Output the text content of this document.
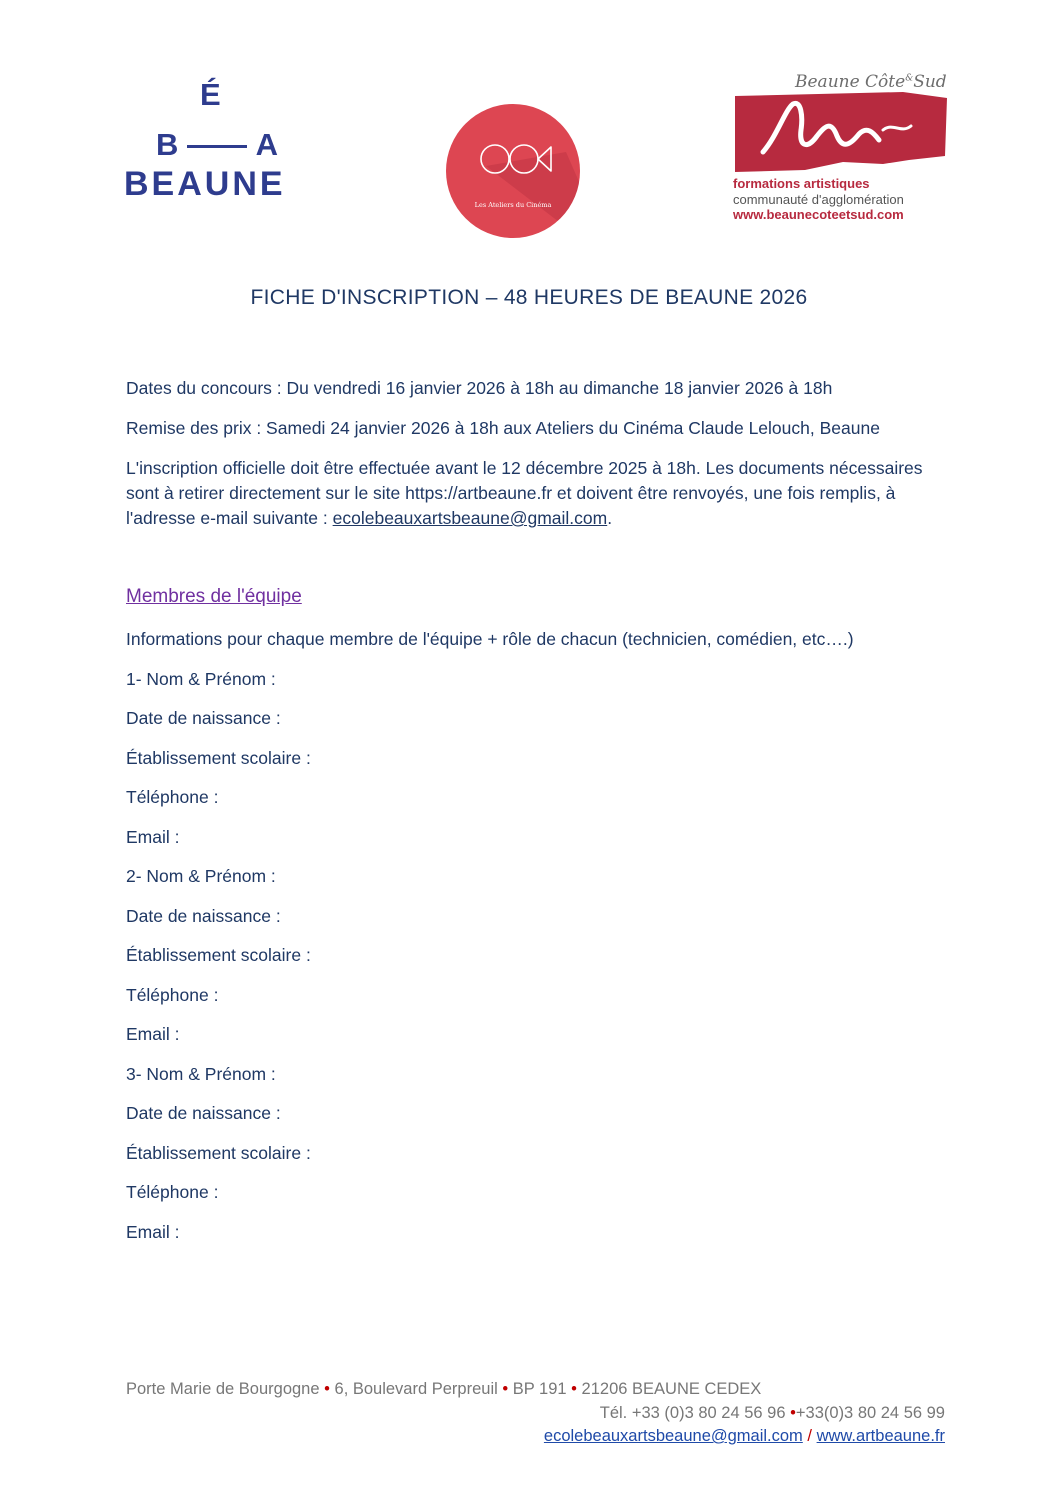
É
B A
BEAUNE
Les Ateliers du Cinéma
Beaune Côte&Sud
formations artistiques
communauté d'agglomération
www.beaunecoteetsud.com
FICHE D'INSCRIPTION – 48 HEURES DE BEAUNE 2026
Dates du concours : Du vendredi 16 janvier 2026 à 18h au dimanche 18 janvier 2026 à 18h
Remise des prix : Samedi 24 janvier 2026 à 18h aux Ateliers du Cinéma Claude Lelouch, Beaune
L'inscription officielle doit être effectuée avant le 12 décembre 2025 à 18h. Les documents nécessaires sont à retirer directement sur le site https://artbeaune.fr et doivent être renvoyés, une fois remplis, à l'adresse e-mail suivante : ecolebeauxartsbeaune@gmail.com.
Membres de l'équipe
Informations pour chaque membre de l'équipe + rôle de chacun (technicien, comédien, etc….)
1- Nom & Prénom :
Date de naissance :
Établissement scolaire :
Téléphone :
Email :
2- Nom & Prénom :
Date de naissance :
Établissement scolaire :
Téléphone :
Email :
3- Nom & Prénom :
Date de naissance :
Établissement scolaire :
Téléphone :
Email :
Porte Marie de Bourgogne • 6, Boulevard Perpreuil • BP 191 • 21206 BEAUNE CEDEX
Tél. +33 (0)3 80 24 56 96 •+33(0)3 80 24 56 99
ecolebeauxartsbeaune@gmail.com / www.artbeaune.fr
